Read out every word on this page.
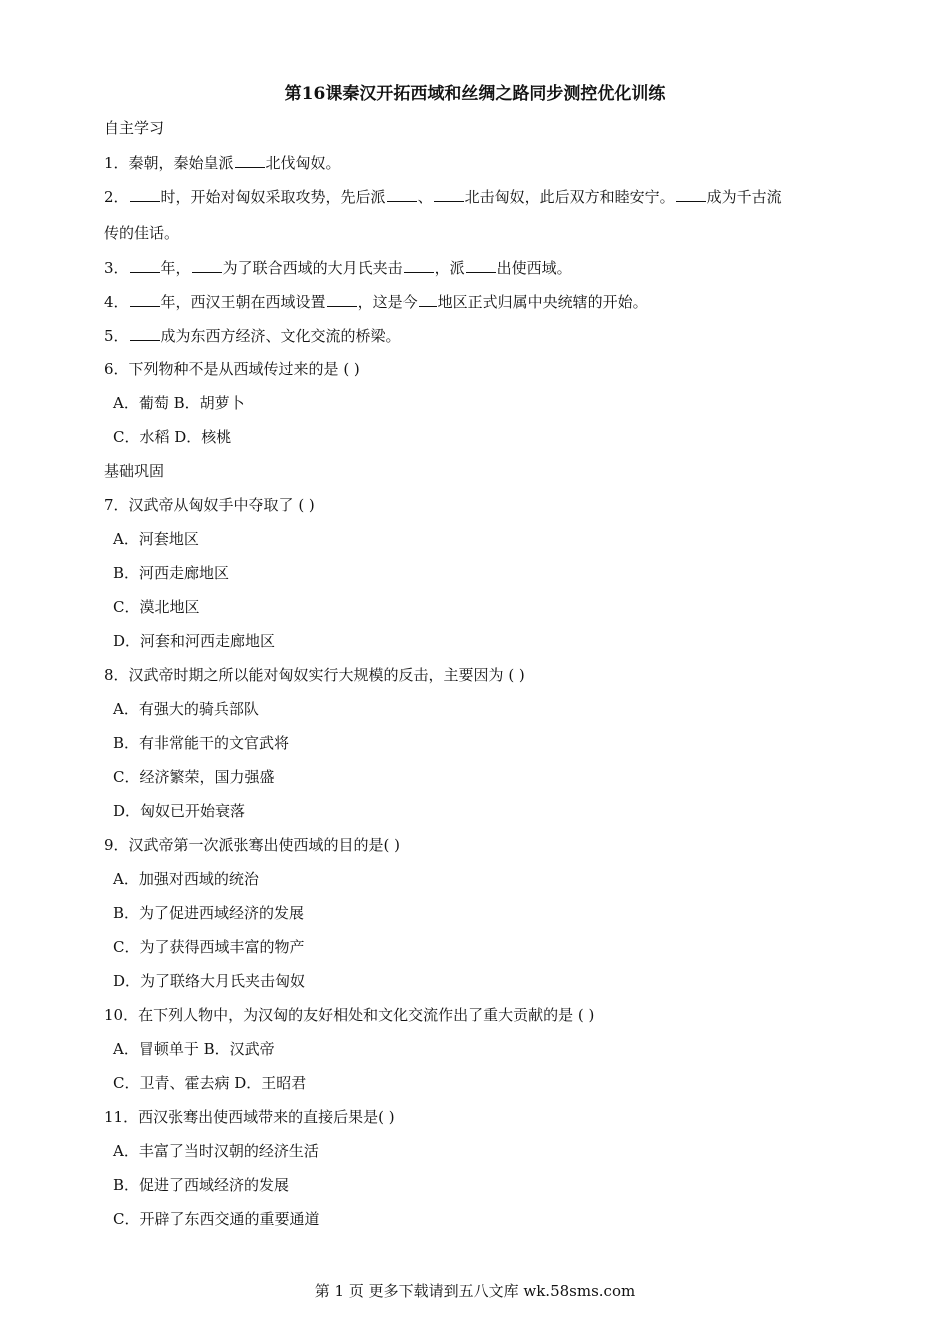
第16课秦汉开拓西域和丝绸之路同步测控优化训练
自主学习
1．秦朝，秦始皇派 北伐匈奴。
2． 时，开始对匈奴采取攻势，先后派 、 北击匈奴，此后双方和睦安宁。 成为千古流
传的佳话。
3． 年， 为了联合西域的大月氏夹击 ，派 出使西域。
4． 年，西汉王朝在西域设置 ，这是今 地区正式归属中央统辖的开始。
5． 成为东西方经济、文化交流的桥梁。
6．下列物种不是从西域传过来的是 ( )
A．葡萄 B．胡萝卜
C．水稻 D．核桃
基础巩固
7．汉武帝从匈奴手中夺取了 ( )
A．河套地区
B．河西走廊地区
C．漠北地区
D．河套和河西走廊地区
8．汉武帝时期之所以能对匈奴实行大规模的反击，主要因为 ( )
A．有强大的骑兵部队
B．有非常能干的文官武将
C．经济繁荣，国力强盛
D．匈奴已开始衰落
9．汉武帝第一次派张骞出使西域的目的是( )
A．加强对西域的统治
B．为了促进西域经济的发展
C．为了获得西域丰富的物产
D．为了联络大月氏夹击匈奴
10．在下列人物中，为汉匈的友好相处和文化交流作出了重大贡献的是 ( )
A．冒顿单于 B．汉武帝
C．卫青、霍去病 D．王昭君
11．西汉张骞出使西域带来的直接后果是( )
A．丰富了当时汉朝的经济生活
B．促进了西域经济的发展
C．开辟了东西交通的重要通道
第 1 页 更多下载请到五八文库 wk.58sms.com
